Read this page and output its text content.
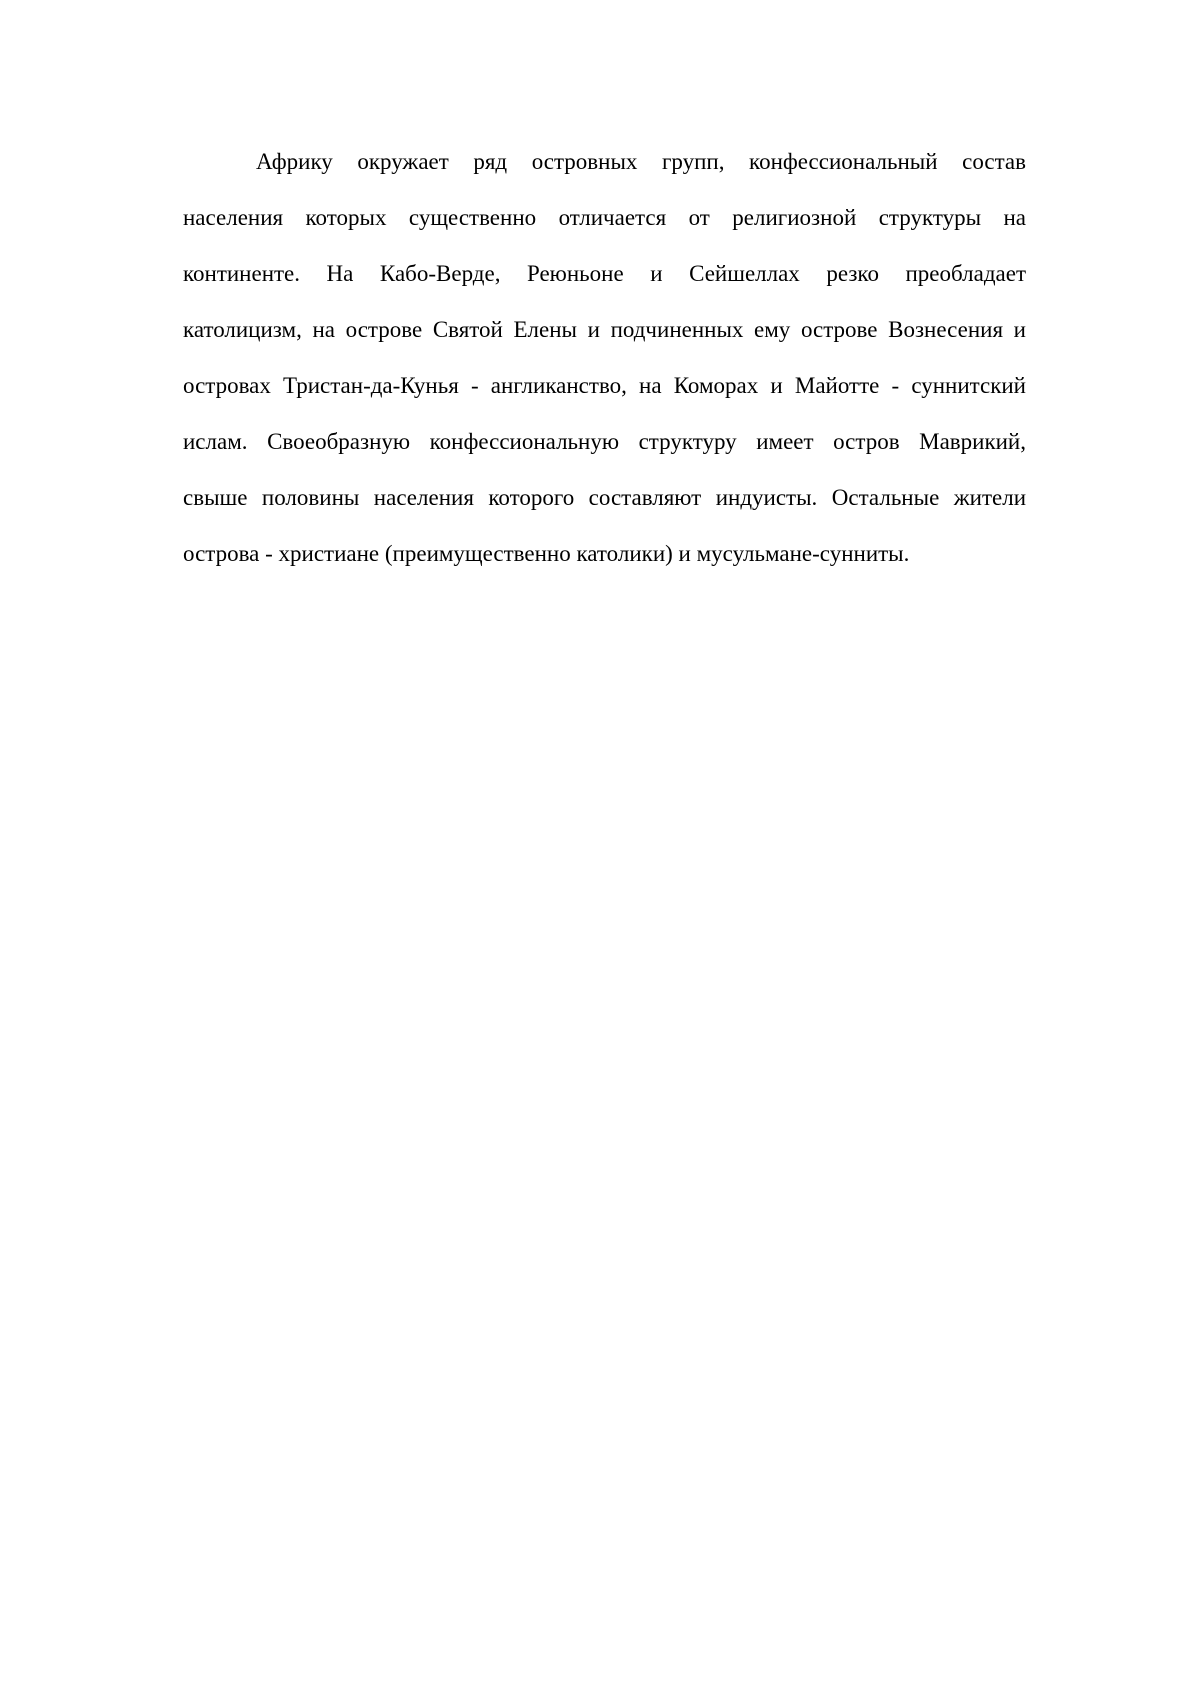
Африку окружает ряд островных групп, конфессиональный состав
населения которых существенно отличается от религиозной структуры на
континенте. На Кабо-Верде, Реюньоне и Сейшеллах резко преобладает
католицизм, на острове Святой Елены и подчиненных ему острове Вознесения и
островах Тристан-да-Кунья - англиканство, на Коморах и Майотте - суннитский
ислам. Своеобразную конфессиональную структуру имеет остров Маврикий,
свыше половины населения которого составляют индуисты. Остальные жители
острова - христиане (преимущественно католики) и мусульмане-сунниты.
